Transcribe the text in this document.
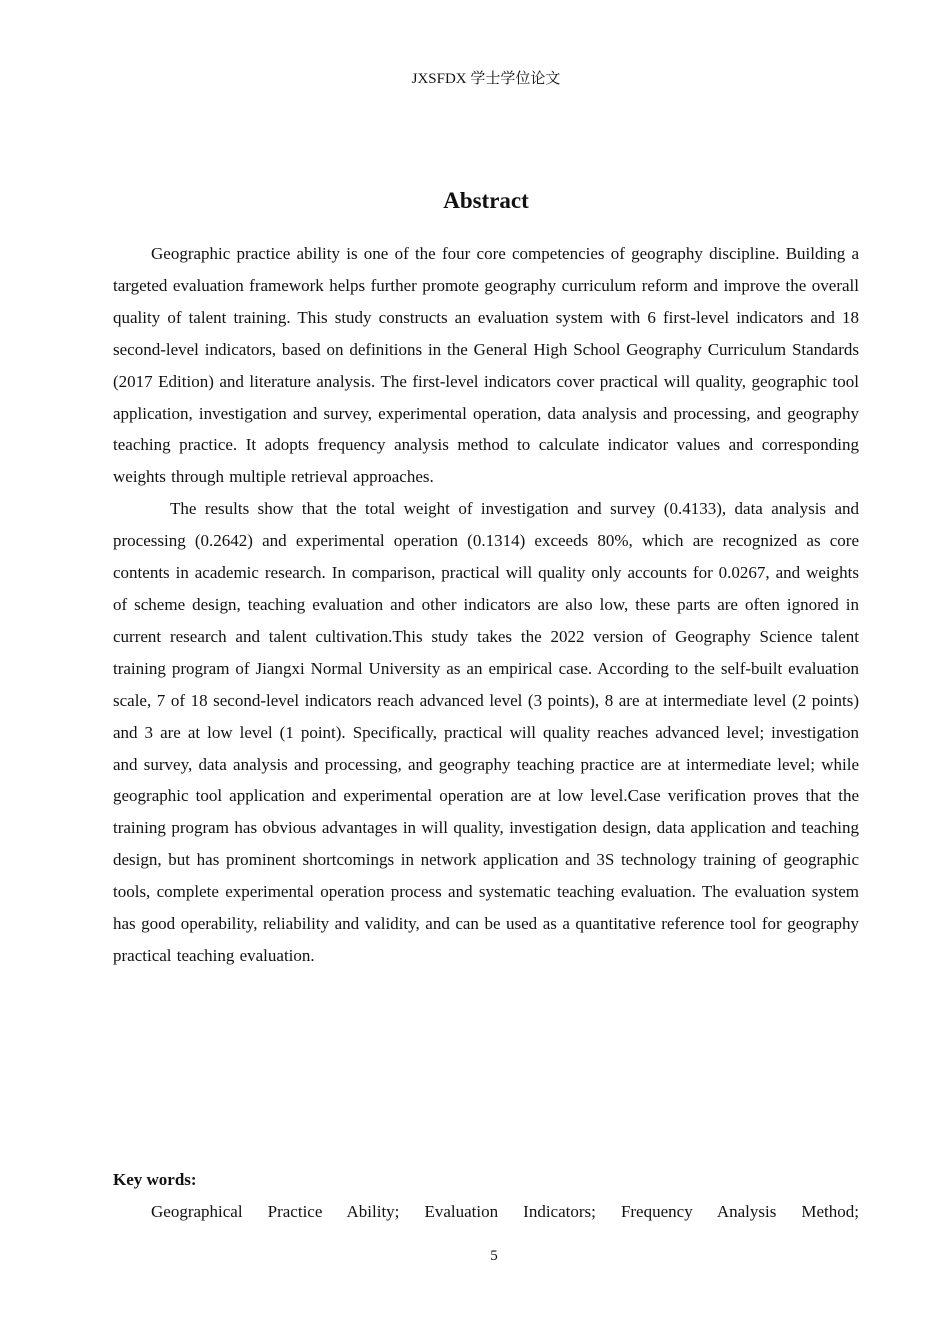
JXSFDX 学士学位论文
Abstract

Geographic practice ability is one of the four core competencies of geography discipline. Building a targeted evaluation framework helps further promote geography curriculum reform and improve the overall quality of talent training. This study constructs an evaluation system with 6 first-level indicators and 18 second-level indicators, based on definitions in the General High School Geography Curriculum Standards (2017 Edition) and literature analysis. The first-level indicators cover practical will quality, geographic tool application, investigation and survey, experimental operation, data analysis and processing, and geography teaching practice. It adopts frequency analysis method to calculate indicator values and corresponding weights through multiple retrieval approaches.

The results show that the total weight of investigation and survey (0.4133), data analysis and processing (0.2642) and experimental operation (0.1314) exceeds 80%, which are recognized as core contents in academic research. In comparison, practical will quality only accounts for 0.0267, and weights of scheme design, teaching evaluation and other indicators are also low, these parts are often ignored in current research and talent cultivation.This study takes the 2022 version of Geography Science talent training program of Jiangxi Normal University as an empirical case. According to the self-built evaluation scale, 7 of 18 second-level indicators reach advanced level (3 points), 8 are at intermediate level (2 points) and 3 are at low level (1 point). Specifically, practical will quality reaches advanced level; investigation and survey, data analysis and processing, and geography teaching practice are at intermediate level; while geographic tool application and experimental operation are at low level.Case verification proves that the training program has obvious advantages in will quality, investigation design, data application and teaching design, but has prominent shortcomings in network application and 3S technology training of geographic tools, complete experimental operation process and systematic teaching evaluation. The evaluation system has good operability, reliability and validity, and can be used as a quantitative reference tool for geography practical teaching evaluation.

Key words:

Geographical Practice Ability; Evaluation Indicators; Frequency Analysis Method;

5
